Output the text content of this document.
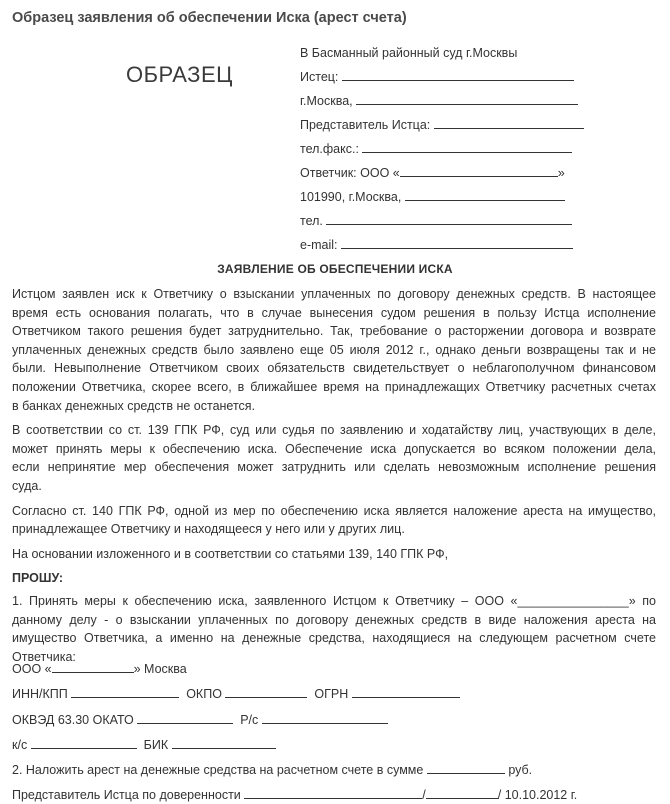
Образец заявления об обеспечении Иска (арест счета)
ОБРАЗЕЦ
В Басманный районный суд г.Москвы
Истец:
г.Москва,
Представитель Истца:
тел.факс.:
Ответчик: ООО «	»
101990, г.Москва,
тел.
e-mail:
ЗАЯВЛЕНИЕ ОБ ОБЕСПЕЧЕНИИ ИСКА

Истцом заявлен иск к Ответчику о взыскании уплаченных по договору денежных средств. В настоящее
время есть основания полагать, что в случае вынесения судом решения в пользу Истца исполнение
Ответчиком такого решения будет затруднительно. Так, требование о расторжении договора и возврате
уплаченных денежных средств было заявлено еще 05 июля 2012 г., однако деньги возвращены так и не
были. Невыполнение Ответчиком своих обязательств свидетельствует о неблагополучном финансовом
положении Ответчика, скорее всего, в ближайшее время на принадлежащих Ответчику расчетных счетах
в банках денежных средств не останется.

В соответствии со ст. 139 ГПК РФ, суд или судья по заявлению и ходатайству лиц, участвующих в деле,
может принять меры к обеспечению иска. Обеспечение иска допускается во всяком положении дела,
если непринятие мер обеспечения может затруднить или сделать невозможным исполнение решения
суда.

Согласно ст. 140 ГПК РФ, одной из мер по обеспечению иска является наложение ареста на имущество,
принадлежащее Ответчику и находящееся у него или у других лиц.

На основании изложенного и в соответствии со статьями 139, 140 ГПК РФ,

ПРОШУ:

1. Принять меры к обеспечению иска, заявленного Истцом к Ответчику – ООО «________________» по
данному делу - о взыскании уплаченных по договору денежных средств в виде наложения ареста на
имущество Ответчика, а именно на денежные средства, находящиеся на следующем расчетном счете
Ответчика:

ООО «	» Москва
ИНН/КПП	ОКПО	ОГРН
ОКВЭД 63.30 ОКАТО	Р/с
к/с	БИК
2. Наложить арест на денежные средства на расчетном счете в сумме	руб.
Представитель Истца по доверенности	/	/ 10.10.2012 г.
